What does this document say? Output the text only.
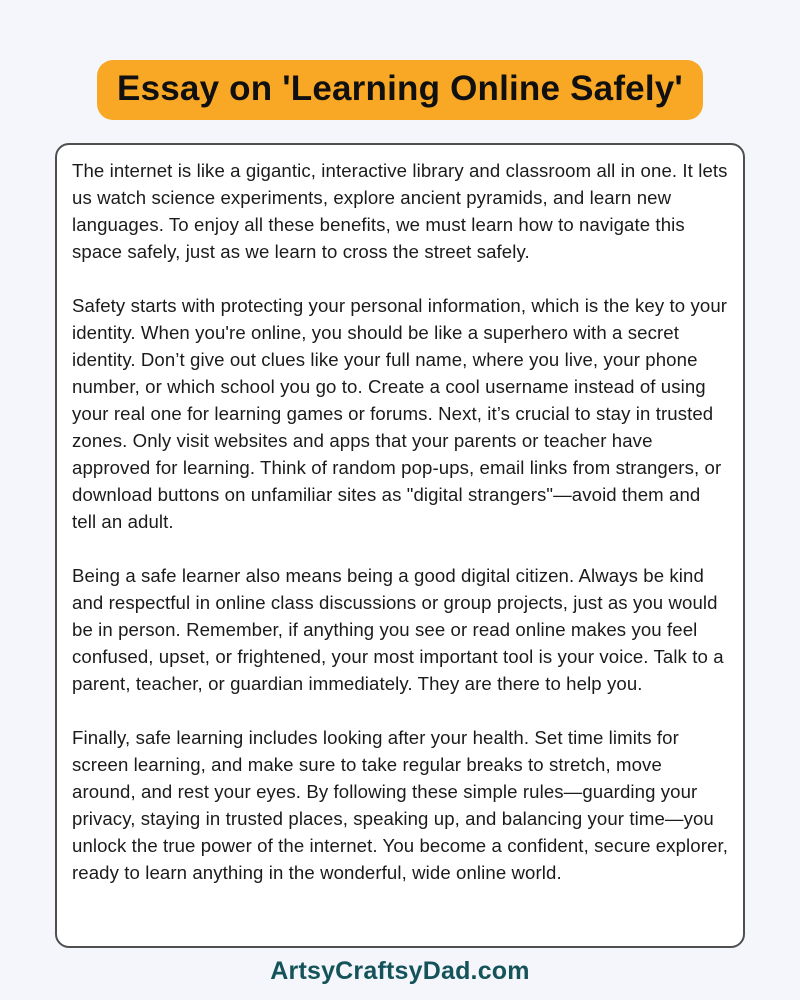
Essay on 'Learning Online Safely'

The internet is like a gigantic, interactive library and classroom all in one. It lets us watch science experiments, explore ancient pyramids, and learn new languages. To enjoy all these benefits, we must learn how to navigate this space safely, just as we learn to cross the street safely.

Safety starts with protecting your personal information, which is the key to your identity. When you're online, you should be like a superhero with a secret identity. Don’t give out clues like your full name, where you live, your phone number, or which school you go to. Create a cool username instead of using your real one for learning games or forums. Next, it’s crucial to stay in trusted zones. Only visit websites and apps that your parents or teacher have approved for learning. Think of random pop-ups, email links from strangers, or download buttons on unfamiliar sites as "digital strangers"—avoid them and tell an adult.

Being a safe learner also means being a good digital citizen. Always be kind and respectful in online class discussions or group projects, just as you would be in person. Remember, if anything you see or read online makes you feel confused, upset, or frightened, your most important tool is your voice. Talk to a parent, teacher, or guardian immediately. They are there to help you.

Finally, safe learning includes looking after your health. Set time limits for screen learning, and make sure to take regular breaks to stretch, move around, and rest your eyes. By following these simple rules—guarding your privacy, staying in trusted places, speaking up, and balancing your time—you unlock the true power of the internet. You become a confident, secure explorer, ready to learn anything in the wonderful, wide online world.

ArtsyCraftsyDad.com
